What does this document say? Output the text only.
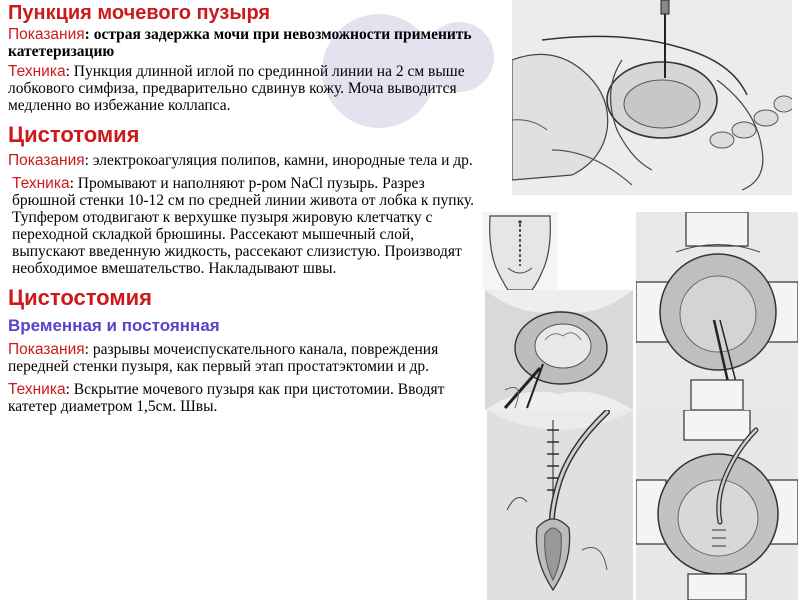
Пункция мочевого пузыря

Показания: острая задержка мочи при невозможности применить катетеризацию

Техника: Пункция длинной иглой по срединной линии на 2 см выше лобкового симфиза, предварительно сдвинув кожу. Моча выводится медленно во избежание коллапса.

Цистотомия

Показания: электрокоагуляция полипов, камни, инородные тела и др.

Техника: Промывают и наполняют р-ром NaCl пузырь. Разрез брюшной стенки 10-12 см по средней линии живота от лобка к пупку. Тупфером отодвигают к верхушке пузыря жировую клетчатку с переходной складкой брюшины. Рассекают мышечный слой, выпускают введенную жидкость, рассекают слизистую. Производят необходимое вмешательство. Накладывают швы.

Цистостомия
Временная и постоянная

Показания: разрывы мочеиспускательного канала, повреждения передней стенки пузыря, как первый этап простатэктомии и др.

Техника: Вскрытие мочевого пузыря как при цистотомии. Вводят катетер диаметром 1,5см. Швы.
